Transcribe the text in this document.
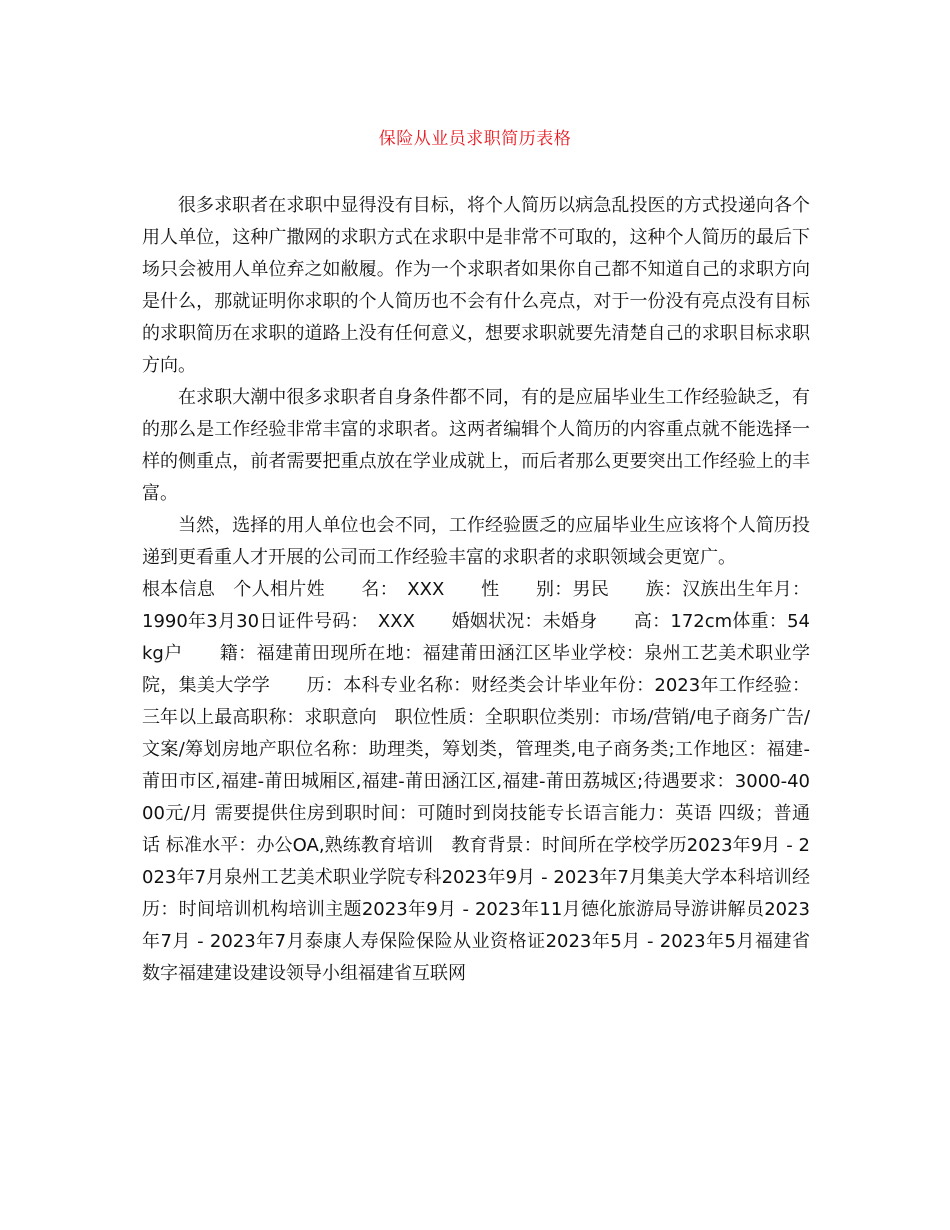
保险从业员求职简历表格

很多求职者在求职中显得没有目标，将个人简历以病急乱投医的方式投递向各个用人单位，这种广撒网的求职方式在求职中是非常不可取的，这种个人简历的最后下场只会被用人单位弃之如敝履。作为一个求职者如果你自己都不知道自己的求职方向是什么，那就证明你求职的个人简历也不会有什么亮点，对于一份没有亮点没有目标的求职简历在求职的道路上没有任何意义，想要求职就要先清楚自己的求职目标求职方向。

在求职大潮中很多求职者自身条件都不同，有的是应届毕业生工作经验缺乏，有的那么是工作经验非常丰富的求职者。这两者编辑个人简历的内容重点就不能选择一样的侧重点，前者需要把重点放在学业成就上，而后者那么更要突出工作经验上的丰富。

当然，选择的用人单位也会不同，工作经验匮乏的应届毕业生应该将个人简历投递到更看重人才开展的公司而工作经验丰富的求职者的求职领域会更宽广。

根本信息　个人相片姓　　名：　XXX　　性　　别：男民　　族：汉族出生年月：1990年3月30日证件号码：　XXX　　婚姻状况：未婚身　　高：172cm体重：54kg户　　籍：福建莆田现所在地：福建莆田涵江区毕业学校：泉州工艺美术职业学院，集美大学学　　历：本科专业名称：财经类会计毕业年份：2023年工作经验：三年以上最高职称：求职意向　职位性质：全职职位类别：市场/营销/电子商务广告/文案/筹划房地产职位名称：助理类，筹划类，管理类,电子商务类;工作地区：福建-莆田市区,福建-莆田城厢区,福建-莆田涵江区,福建-莆田荔城区;待遇要求：3000-4000元/月 需要提供住房到职时间：可随时到岗技能专长语言能力：英语 四级；普通话 标准水平：办公OA,熟练教育培训　教育背景：时间所在学校学历2023年9月 - 2023年7月泉州工艺美术职业学院专科2023年9月 - 2023年7月集美大学本科培训经历：时间培训机构培训主题2023年9月 - 2023年11月德化旅游局导游讲解员2023年7月 - 2023年7月泰康人寿保险保险从业资格证2023年5月 - 2023年5月福建省数字福建建设建设领导小组福建省互联网
